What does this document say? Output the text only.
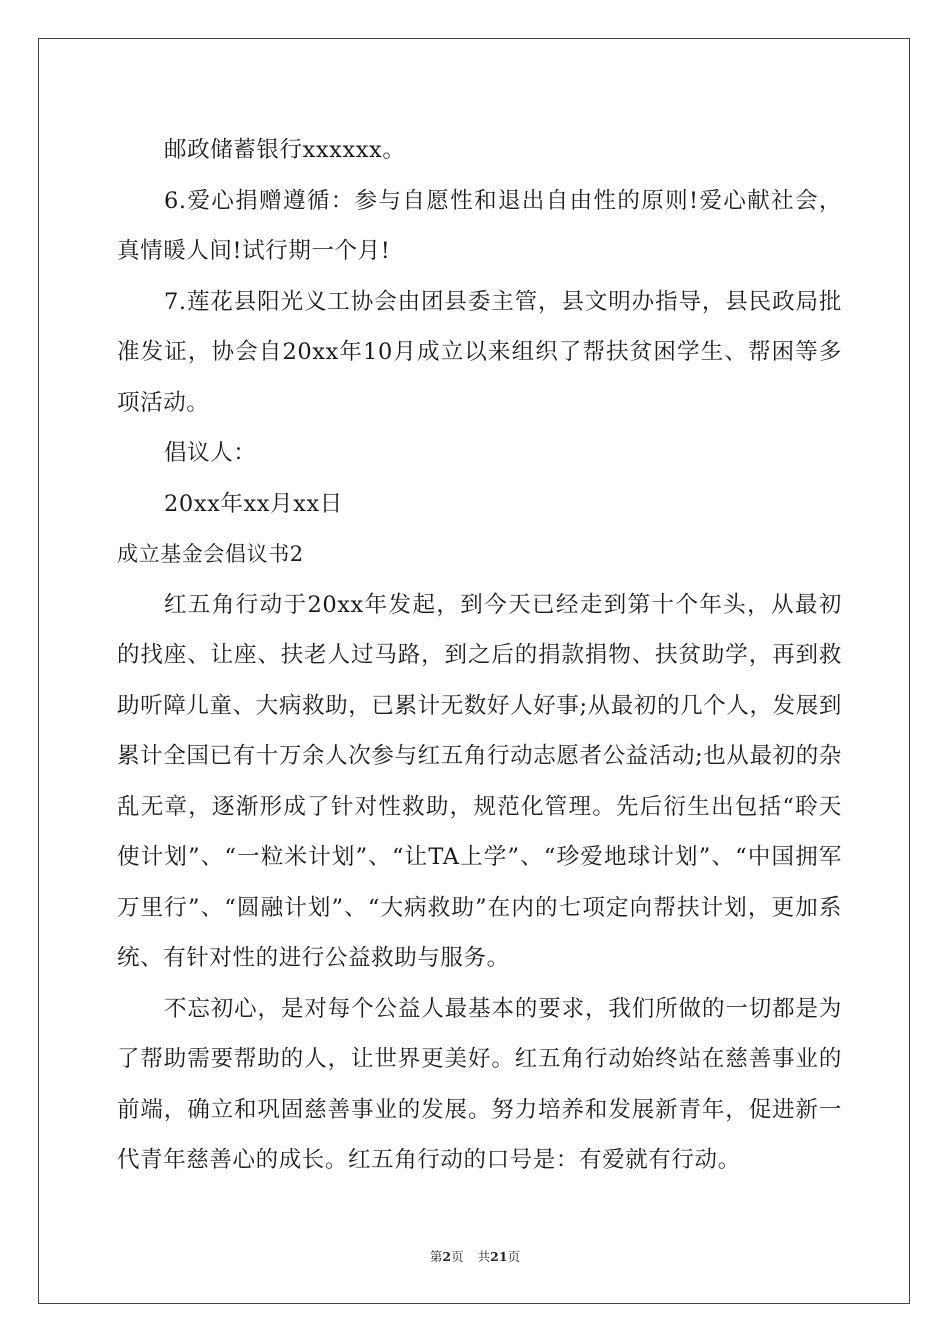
邮政储蓄银行xxxxxx。

6.爱心捐赠遵循：参与自愿性和退出自由性的原则!爱心献社会，真情暖人间!试行期一个月!

7.莲花县阳光义工协会由团县委主管，县文明办指导，县民政局批准发证，协会自20xx年10月成立以来组织了帮扶贫困学生、帮困等多项活动。

倡议人：

20xx年xx月xx日

成立基金会倡议书2

红五角行动于20xx年发起，到今天已经走到第十个年头，从最初的找座、让座、扶老人过马路，到之后的捐款捐物、扶贫助学，再到救助听障儿童、大病救助，已累计无数好人好事;从最初的几个人，发展到累计全国已有十万余人次参与红五角行动志愿者公益活动;也从最初的杂乱无章，逐渐形成了针对性救助，规范化管理。先后衍生出包括“聆天使计划”、“一粒米计划”、“让TA上学”、“珍爱地球计划”、“中国拥军万里行”、“圆融计划”、“大病救助”在内的七项定向帮扶计划，更加系统、有针对性的进行公益救助与服务。

不忘初心，是对每个公益人最基本的要求，我们所做的一切都是为了帮助需要帮助的人，让世界更美好。红五角行动始终站在慈善事业的前端，确立和巩固慈善事业的发展。努力培养和发展新青年，促进新一代青年慈善心的成长。红五角行动的口号是：有爱就有行动。

第2页 共21页
